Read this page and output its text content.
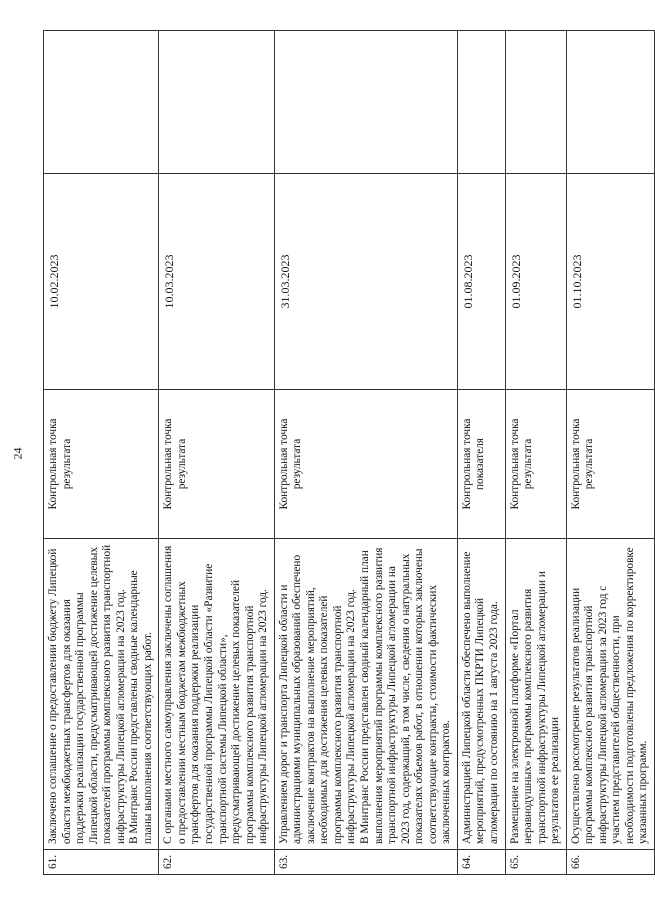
24
61.	Заключено соглашение о предоставлении бюджету Липецкой области межбюджетных трансфертов для оказания поддержки реализации государственной программы Липецкой области, предусматривающей достижение целевых показателей программы комплексного развития транспортной инфраструктуры Липецкой агломерации на 2023 год. В Минтранс России представлены сводные календарные планы выполнения соответствующих работ.	Контрольная точка результата	10.02.2023	
62.	С органами местного самоуправления заключены соглашения о предоставлении местным бюджетам межбюджетных трансфертов для оказания поддержки реализации государственной программы Липецкой области «Развитие транспортной системы Липецкой области», предусматривающей достижение целевых показателей программы комплексного развития транспортной инфраструктуры Липецкой агломерации на 2023 год.	Контрольная точка результата	10.03.2023	
63.	Управлением дорог и транспорта Липецкой области и администрациями муниципальных образований обеспечено заключение контрактов на выполнение мероприятий, необходимых для достижения целевых показателей программы комплексного развития транспортной инфраструктуры Липецкой агломерации на 2023 год. В Минтранс России представлен сводный календарный план выполнения мероприятий программы комплексного развития транспортной инфраструктуры Липецкой агломерации на 2023 год, содержащий, в том числе, сведения о натуральных показателях объемов работ, в отношении которых заключены соответствующие контракты, стоимости фактических заключенных контрактов.	Контрольная точка результата	31.03.2023	
64.	Администрацией Липецкой области обеспечено выполнение мероприятий, предусмотренных ПКРТИ Липецкой агломерации по состоянию на 1 августа 2023 года.	Контрольная точка показателя	01.08.2023	
65.	Размещение на электронной платформе «Портал неравнодушных» программы комплексного развития транспортной инфраструктуры Липецкой агломерации и результатов ее реализации	Контрольная точка результата	01.09.2023	
66.	Осуществлено рассмотрение результатов реализации программы комплексного развития транспортной инфраструктуры Липецкой агломерации за 2023 год с участием представителей общественности, при необходимости подготовлены предложения по корректировке указанных программ.	Контрольная точка результата	01.10.2023	
